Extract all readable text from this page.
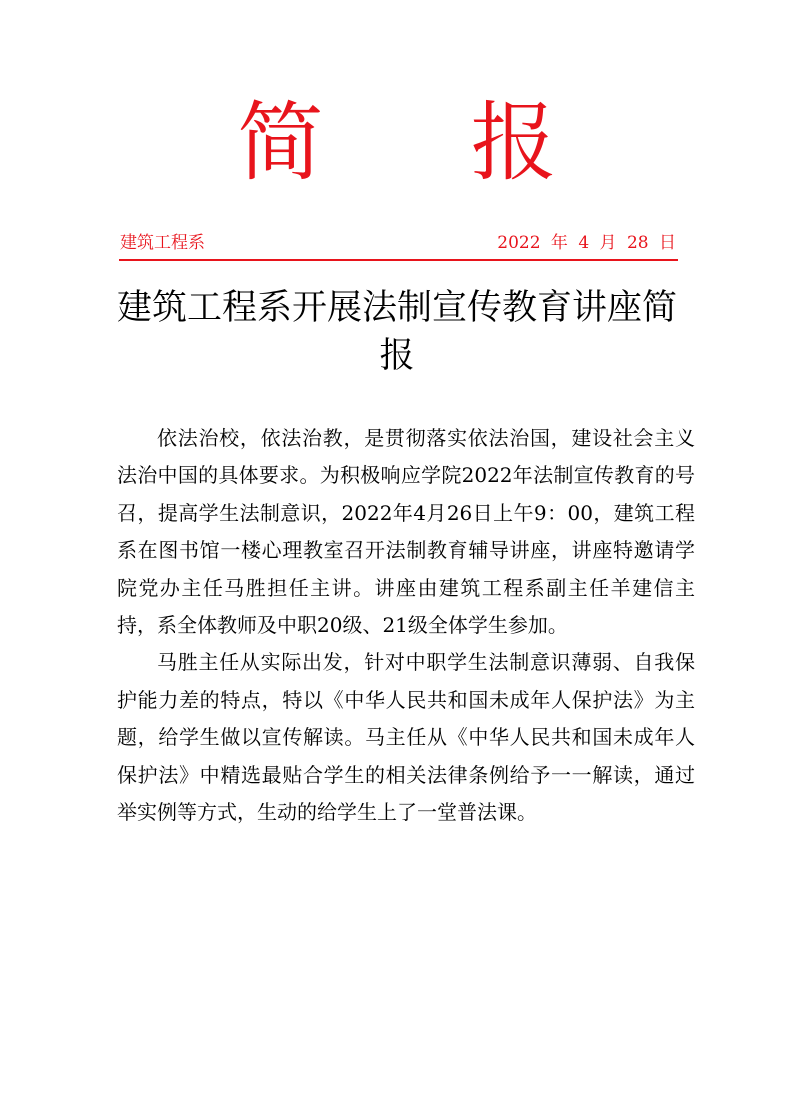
简 报
建筑工程系	2022 年 4 月 28 日
建筑工程系开展法制宣传教育讲座简报

依法治校，依法治教，是贯彻落实依法治国，建设社会主义法治中国的具体要求。为积极响应学院2022年法制宣传教育的号召，提高学生法制意识，2022年4月26日上午9：00，建筑工程系在图书馆一楼心理教室召开法制教育辅导讲座，讲座特邀请学院党办主任马胜担任主讲。讲座由建筑工程系副主任羊建信主持，系全体教师及中职20级、21级全体学生参加。

马胜主任从实际出发，针对中职学生法制意识薄弱、自我保护能力差的特点，特以《中华人民共和国未成年人保护法》为主题，给学生做以宣传解读。马主任从《中华人民共和国未成年人保护法》中精选最贴合学生的相关法律条例给予一一解读，通过举实例等方式，生动的给学生上了一堂普法课。
